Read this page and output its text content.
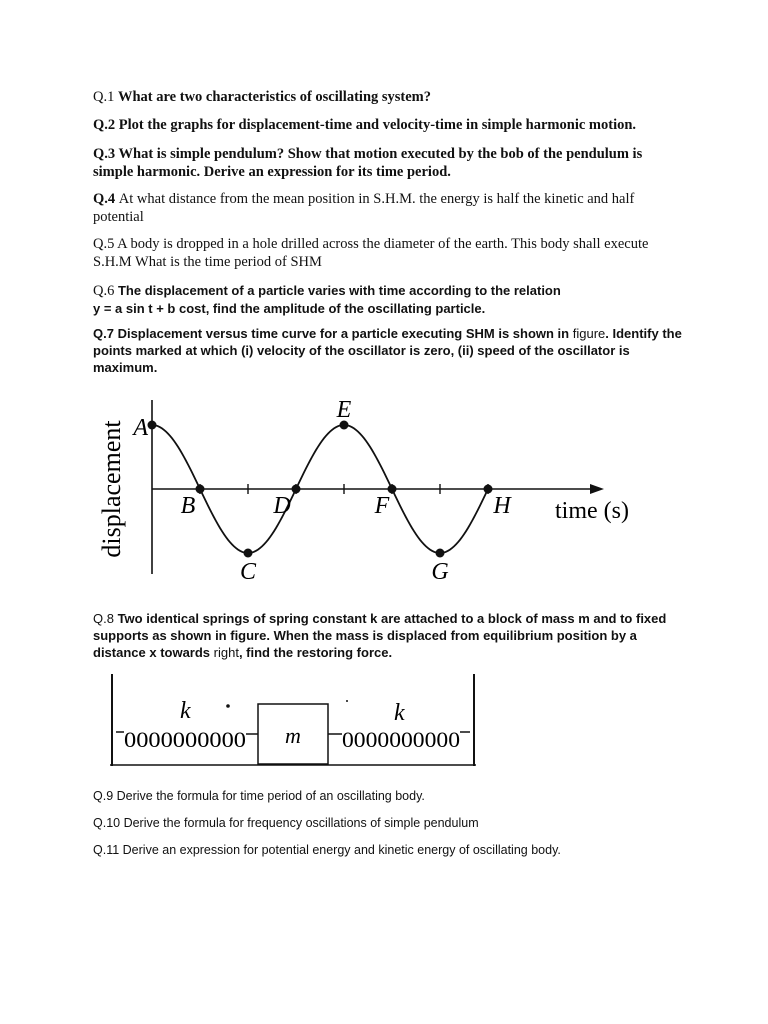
Q.1 What are two characteristics of oscillating system?
Q.2 Plot the graphs for displacement-time and velocity-time in simple harmonic motion.
Q.3 What is simple pendulum? Show that motion executed by the bob of the pendulum is simple harmonic. Derive an expression for its time period.
Q.4 At what distance from the mean position in S.H.M. the energy is half the kinetic and half potential
Q.5 A body is dropped in a hole drilled across the diameter of the earth. This body shall execute S.H.M What is the time period of SHM
Q.6 The displacement of a particle varies with time according to the relation
y = a sin t + b cost, find the amplitude of the oscillating particle.
Q.7 Displacement versus time curve for a particle executing SHM is shown in figure. Identify the points marked at which (i) velocity of the oscillator is zero, (ii) speed of the oscillator is maximum.
A
B
C
D
E
F
G
H
displacement	time (s)
Q.8 Two identical springs of spring constant k are attached to a block of mass m and to fixed supports as shown in figure. When the mass is displaced from equilibrium position by a distance x towards right, find the restoring force.
0000000000 m 0000000000
k	k
Q.9 Derive the formula for time period of an oscillating body.
Q.10 Derive the formula for frequency oscillations of simple pendulum
Q.11 Derive an expression for potential energy and kinetic energy of oscillating body.
